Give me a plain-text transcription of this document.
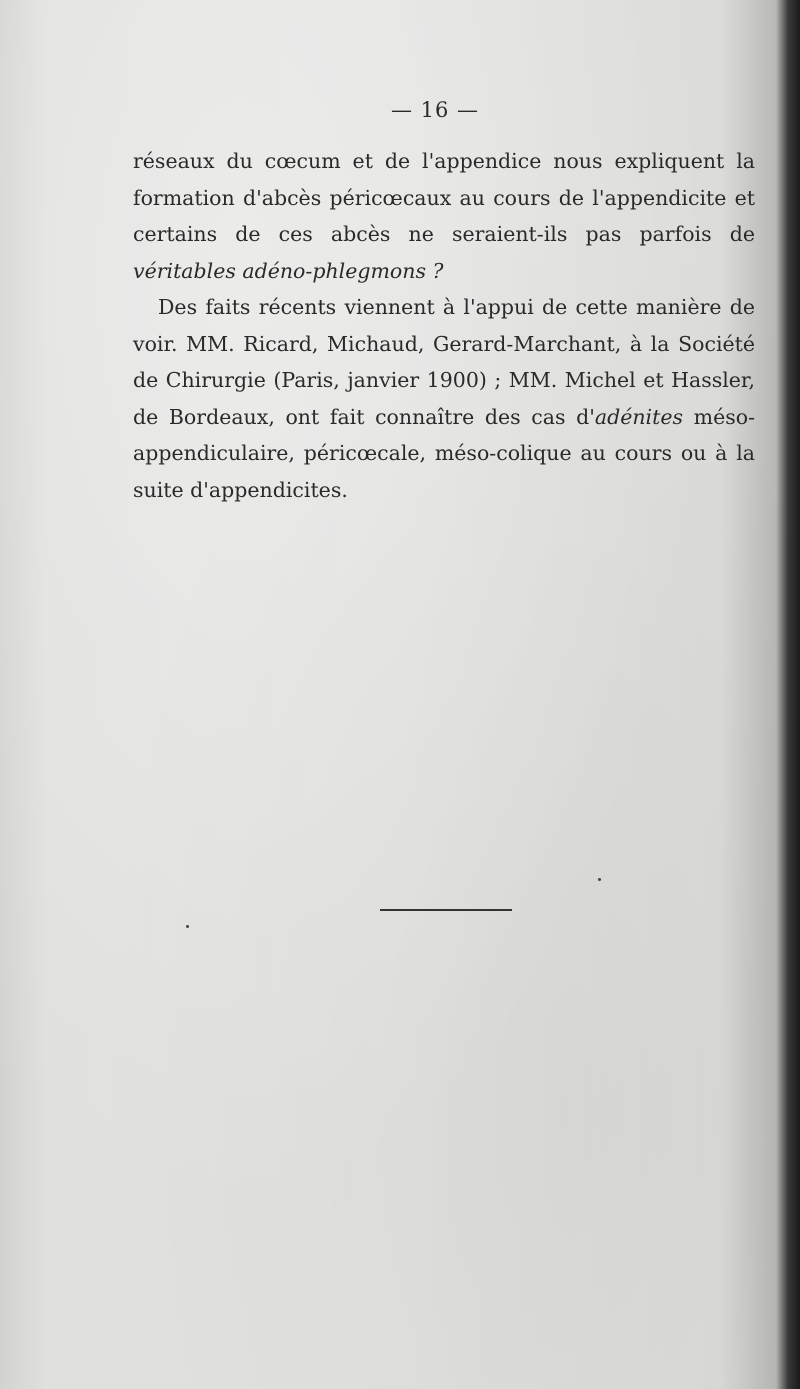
— 16 —

réseaux du cœcum et de l'appendice nous expliquent la formation d'abcès péricœcaux au cours de l'appendicite et certains de ces abcès ne seraient-ils pas parfois de véritables adéno-phlegmons ?

Des faits récents viennent à l'appui de cette manière de voir. MM. Ricard, Michaud, Gerard-Marchant, à la Société de Chirurgie (Paris, janvier 1900) ; MM. Michel et Hassler, de Bordeaux, ont fait connaître des cas d'adénites méso-appendiculaire, péricœcale, méso-colique au cours ou à la suite d'appendicites.
